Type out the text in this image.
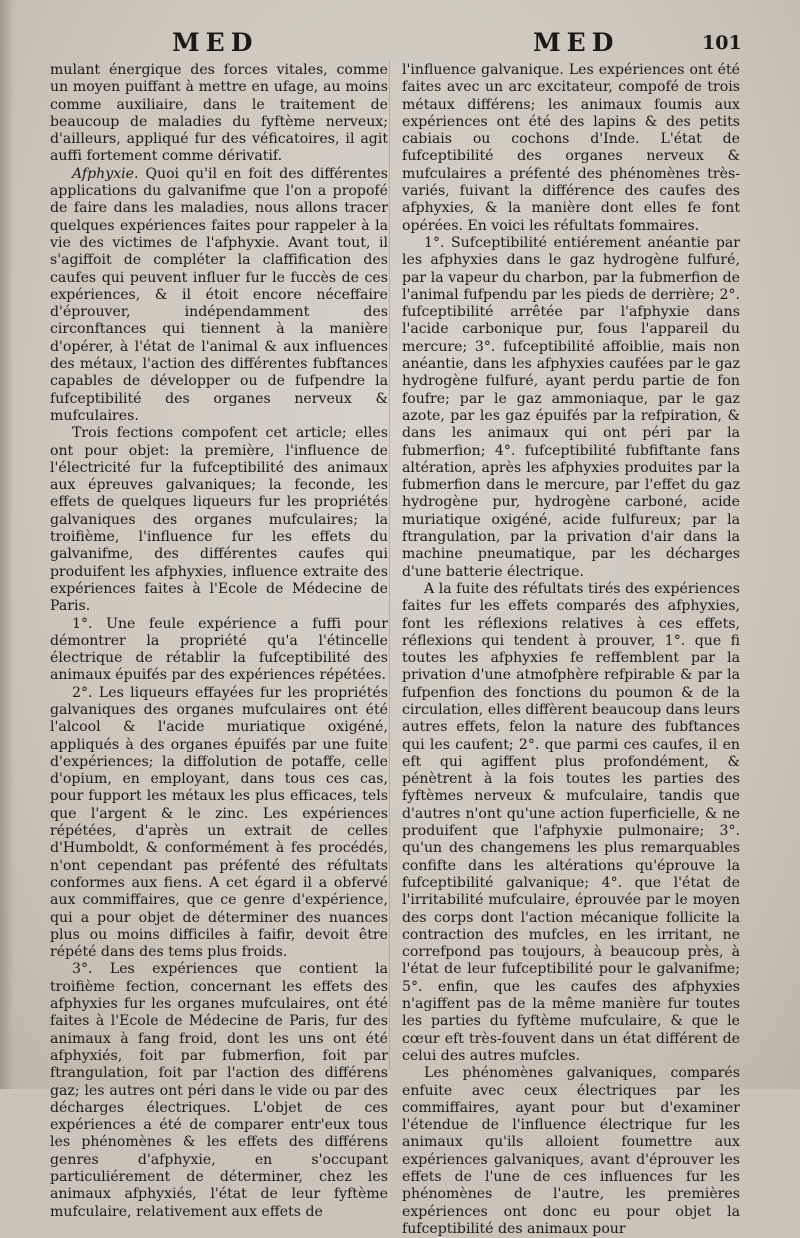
MED	MED	101

mulant énergique des forces vitales, comme un moyen puiffant à mettre en ufage, au moins comme auxiliaire, dans le traitement de beaucoup de maladies du fyftème nerveux; d'ailleurs, appliqué fur des véficatoires, il agit auffi fortement comme dérivatif.

Afphyxie. Quoi qu'il en foit des différentes applications du galvanifme que l'on a propofé de faire dans les maladies, nous allons tracer quelques expériences faites pour rappeler à la vie des victimes de l'afphyxie. Avant tout, il s'agiffoit de compléter la claffification des caufes qui peuvent influer fur le fuccès de ces expériences, & il étoit encore néceffaire d'éprouver, indépendamment des circonftances qui tiennent à la manière d'opérer, à l'état de l'animal & aux influences des métaux, l'action des différentes fubftances capables de développer ou de fufpendre la fufceptibilité des organes nerveux & mufculaires.

Trois fections compofent cet article; elles ont pour objet: la première, l'influence de l'électricité fur la fufceptibilité des animaux aux épreuves galvaniques; la feconde, les effets de quelques liqueurs fur les propriétés galvaniques des organes mufculaires; la troifième, l'influence fur les effets du galvanifme, des différentes caufes qui produifent les afphyxies, influence extraite des expériences faites à l'Ecole de Médecine de Paris.

1°. Une feule expérience a fuffi pour démontrer la propriété qu'a l'étincelle électrique de rétablir la fufceptibilité des animaux épuifés par des expériences répétées.

2°. Les liqueurs effayées fur les propriétés galvaniques des organes mufculaires ont été l'alcool & l'acide muriatique oxigéné, appliqués à des organes épuifés par une fuite d'expériences; la diffolution de potaffe, celle d'opium, en employant, dans tous ces cas, pour fupport les métaux les plus efficaces, tels que l'argent & le zinc. Les expériences répétées, d'après un extrait de celles d'Humboldt, & conformément à fes procédés, n'ont cependant pas préfenté des réfultats conformes aux fiens. A cet égard il a obfervé aux commiffaires, que ce genre d'expérience, qui a pour objet de déterminer des nuances plus ou moins difficiles à faifir, devoit être répété dans des tems plus froids.

3°. Les expériences que contient la troifième fection, concernant les effets des afphyxies fur les organes mufculaires, ont été faites à l'Ecole de Médecine de Paris, fur des animaux à fang froid, dont les uns ont été afphyxiés, foit par fubmerfion, foit par ftrangulation, foit par l'action des différens gaz; les autres ont péri dans le vide ou par des décharges électriques. L'objet de ces expériences a été de comparer entr'eux tous les phénomènes & les effets des différens genres d'afphyxie, en s'occupant particuliérement de déterminer, chez les animaux afphyxiés, l'état de leur fyftème mufculaire, relativement aux effets de

l'influence galvanique. Les expériences ont été faites avec un arc excitateur, compofé de trois métaux différens; les animaux foumis aux expériences ont été des lapins & des petits cabiais ou cochons d'Inde. L'état de fufceptibilité des organes nerveux & mufculaires a préfenté des phénomènes très-variés, fuivant la différence des caufes des afphyxies, & la manière dont elles fe font opérées. En voici les réfultats fommaires.

1°. Sufceptibilité entiérement anéantie par les afphyxies dans le gaz hydrogène fulfuré, par la vapeur du charbon, par la fubmerfion de l'animal fufpendu par les pieds de derrière; 2°. fufceptibilité arrêtée par l'afphyxie dans l'acide carbonique pur, fous l'appareil du mercure; 3°. fufceptibilité affoiblie, mais non anéantie, dans les afphyxies caufées par le gaz hydrogène fulfuré, ayant perdu partie de fon foufre; par le gaz ammoniaque, par le gaz azote, par les gaz épuifés par la refpiration, & dans les animaux qui ont péri par la fubmerfion; 4°. fufceptibilité fubfiftante fans altération, après les afphyxies produites par la fubmerfion dans le mercure, par l'effet du gaz hydrogène pur, hydrogène carboné, acide muriatique oxigéné, acide fulfureux; par la ftrangulation, par la privation d'air dans la machine pneumatique, par les décharges d'une batterie électrique.

A la fuite des réfultats tirés des expériences faites fur les effets comparés des afphyxies, font les réflexions relatives à ces effets, réflexions qui tendent à prouver, 1°. que fi toutes les afphyxies fe reffemblent par la privation d'une atmofphère refpirable & par la fufpenfion des fonctions du poumon & de la circulation, elles diffèrent beaucoup dans leurs autres effets, felon la nature des fubftances qui les caufent; 2°. que parmi ces caufes, il en eft qui agiffent plus profondément, & pénètrent à la fois toutes les parties des fyftèmes nerveux & mufculaire, tandis que d'autres n'ont qu'une action fuperficielle, & ne produifent que l'afphyxie pulmonaire; 3°. qu'un des changemens les plus remarquables confifte dans les altérations qu'éprouve la fufceptibilité galvanique; 4°. que l'état de l'irritabilité mufculaire, éprouvée par le moyen des corps dont l'action mécanique follicite la contraction des mufcles, en les irritant, ne correfpond pas toujours, à beaucoup près, à l'état de leur fufceptibilité pour le galvanifme; 5°. enfin, que les caufes des afphyxies n'agiffent pas de la même manière fur toutes les parties du fyftème mufculaire, & que le cœur eft très-fouvent dans un état différent de celui des autres mufcles.

Les phénomènes galvaniques, comparés enfuite avec ceux électriques par les commiffaires, ayant pour but d'examiner l'étendue de l'influence électrique fur les animaux qu'ils alloient foumettre aux expériences galvaniques, avant d'éprouver les effets de l'une de ces influences fur les phénomènes de l'autre, les premières expériences ont donc eu pour objet la fufceptibilité des animaux pour
